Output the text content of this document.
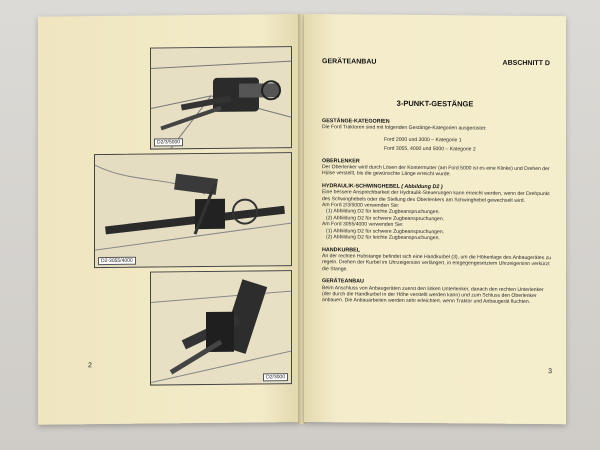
D2/3/5000
D2-3055/4000
D2/3000
2
GERÄTEANBAU	ABSCHNITT D
3-PUNKT-GESTÄNGE
GESTÄNGE-KATEGORIEN

Die Ford Traktoren sind mit folgenden Gestänge-Kategorien ausgerüstet:

Ford 2000 und 3000 – Kategorie 1

Ford 3055, 4000 und 5000 – Kategorie 2

OBERLENKER

Der Oberlenker wird durch Lösen der Kontermutter (am Ford 5000 ist es eine Klinke) und Drehen der Hülse verstellt, bis die gewünschte Länge erreicht wurde.

HYDRAULIK-SCHWINGHEBEL ( Abbildung D2 )

Eine bessere Ansprechbarkeit der Hydraulik-Steuerungen kann erreicht werden, wenn der Drehpunkt des Schwinghebels oder die Stellung des Oberlenkers am Schwinghebel gewechselt wird.

Am Ford 2/3/5000 verwenden Sie:

(1) Abbildung D2 für leichte Zugbeanspruchungen.

(2) Abbildung D2 für schwere Zugbeanspruchungen.

Am Ford 3055/4000 verwenden Sie:

(1) Abbildung D2 für schwere Zugbeanspruchungen.

(2) Abbildung D2 für leichte Zugbeanspruchungen.

HANDKURBEL

An der rechten Hubstange befindet sich eine Handkurbel (3), um die Höhenlage des Anbaugerätes zu regeln. Drehen der Kurbel im Uhrzeigersinn verlängert, in entgegengesetztem Uhrzeigersinn verkürzt die Stange.

GERÄTEANBAU

Beim Anschluss von Anbaugeräten zuerst den linken Unterlenker, danach den rechten Unterlenker (der durch die Handkurbel in der Höhe verstellt werden kann) und zum Schluss den Oberlenker anbauen. Die Anbauarbeiten werden sehr erleichtert, wenn Traktor und Anbaugerät fluchten.

3
